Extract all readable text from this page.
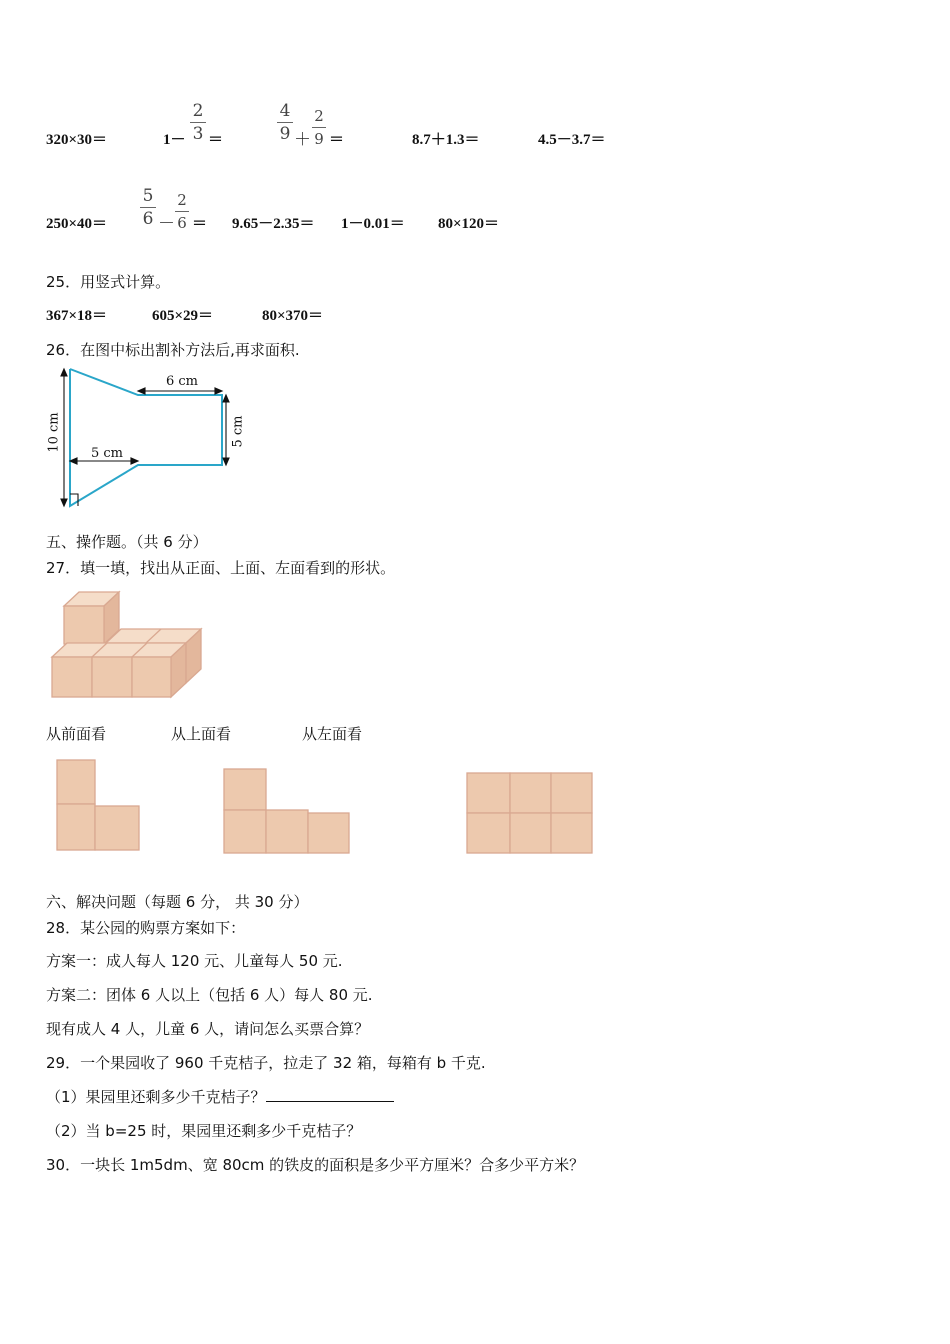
320×30＝	1－
2
3 ＝
4
9 ＋
2
9 ＝	8.7＋1.3＝	4.5－3.7＝
250×40＝
5
6 －
2
6 ＝ 9.65－2.35＝ 1－0.01＝ 80×120＝
25．用竖式计算。
367×18＝	605×29＝	80×370＝
26．在图中标出割补方法后,再求面积.
6 cm
5 cm
10 cm
5 cm
五、操作题。（共 6 分）
27．填一填，找出从正面、上面、左面看到的形状。
从前面看	从上面看	从左面看
六、解决问题（每题 6 分， 共 30 分）
28．某公园的购票方案如下：
方案一：成人每人 120 元、儿童每人 50 元.
方案二：团体 6 人以上（包括 6 人）每人 80 元.
现有成人 4 人，儿童 6 人，请问怎么买票合算？
29．一个果园收了 960 千克桔子，拉走了 32 箱，每箱有 b 千克.
（1）果园里还剩多少千克桔子？
（2）当 b=25 时，果园里还剩多少千克桔子？
30．一块长 1m5dm、宽 80cm 的铁皮的面积是多少平方厘米？合多少平方米？
